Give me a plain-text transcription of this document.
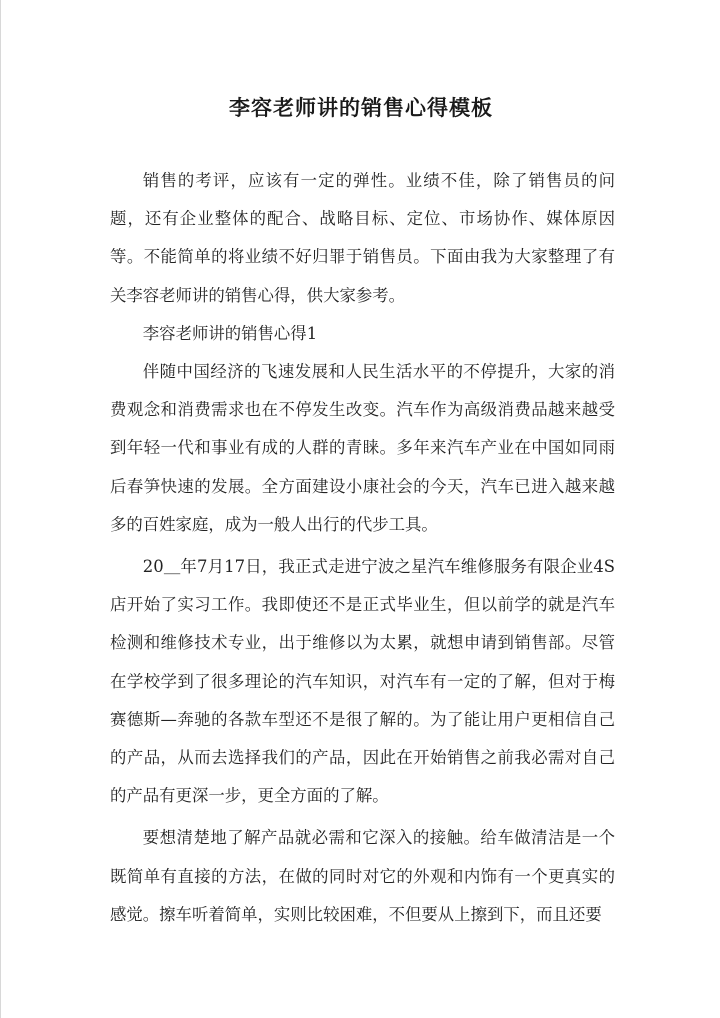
李容老师讲的销售心得模板

销售的考评，应该有一定的弹性。业绩不佳，除了销售员的问题，还有企业整体的配合、战略目标、定位、市场协作、媒体原因等。不能简单的将业绩不好归罪于销售员。下面由我为大家整理了有关李容老师讲的销售心得，供大家参考。

李容老师讲的销售心得1

伴随中国经济的飞速发展和人民生活水平的不停提升，大家的消费观念和消费需求也在不停发生改变。汽车作为高级消费品越来越受到年轻一代和事业有成的人群的青睐。多年来汽车产业在中国如同雨后春笋快速的发展。全方面建设小康社会的今天，汽车已进入越来越多的百姓家庭，成为一般人出行的代步工具。

20＿年7月17日，我正式走进宁波之星汽车维修服务有限企业4S店开始了实习工作。我即使还不是正式毕业生，但以前学的就是汽车检测和维修技术专业，出于维修以为太累，就想申请到销售部。尽管在学校学到了很多理论的汽车知识，对汽车有一定的了解，但对于梅赛德斯—奔驰的各款车型还不是很了解的。为了能让用户更相信自己的产品，从而去选择我们的产品，因此在开始销售之前我必需对自己的产品有更深一步，更全方面的了解。

要想清楚地了解产品就必需和它深入的接触。给车做清洁是一个既简单有直接的方法，在做的同时对它的外观和内饰有一个更真实的感觉。擦车听着简单，实则比较困难，不但要从上擦到下，而且还要
